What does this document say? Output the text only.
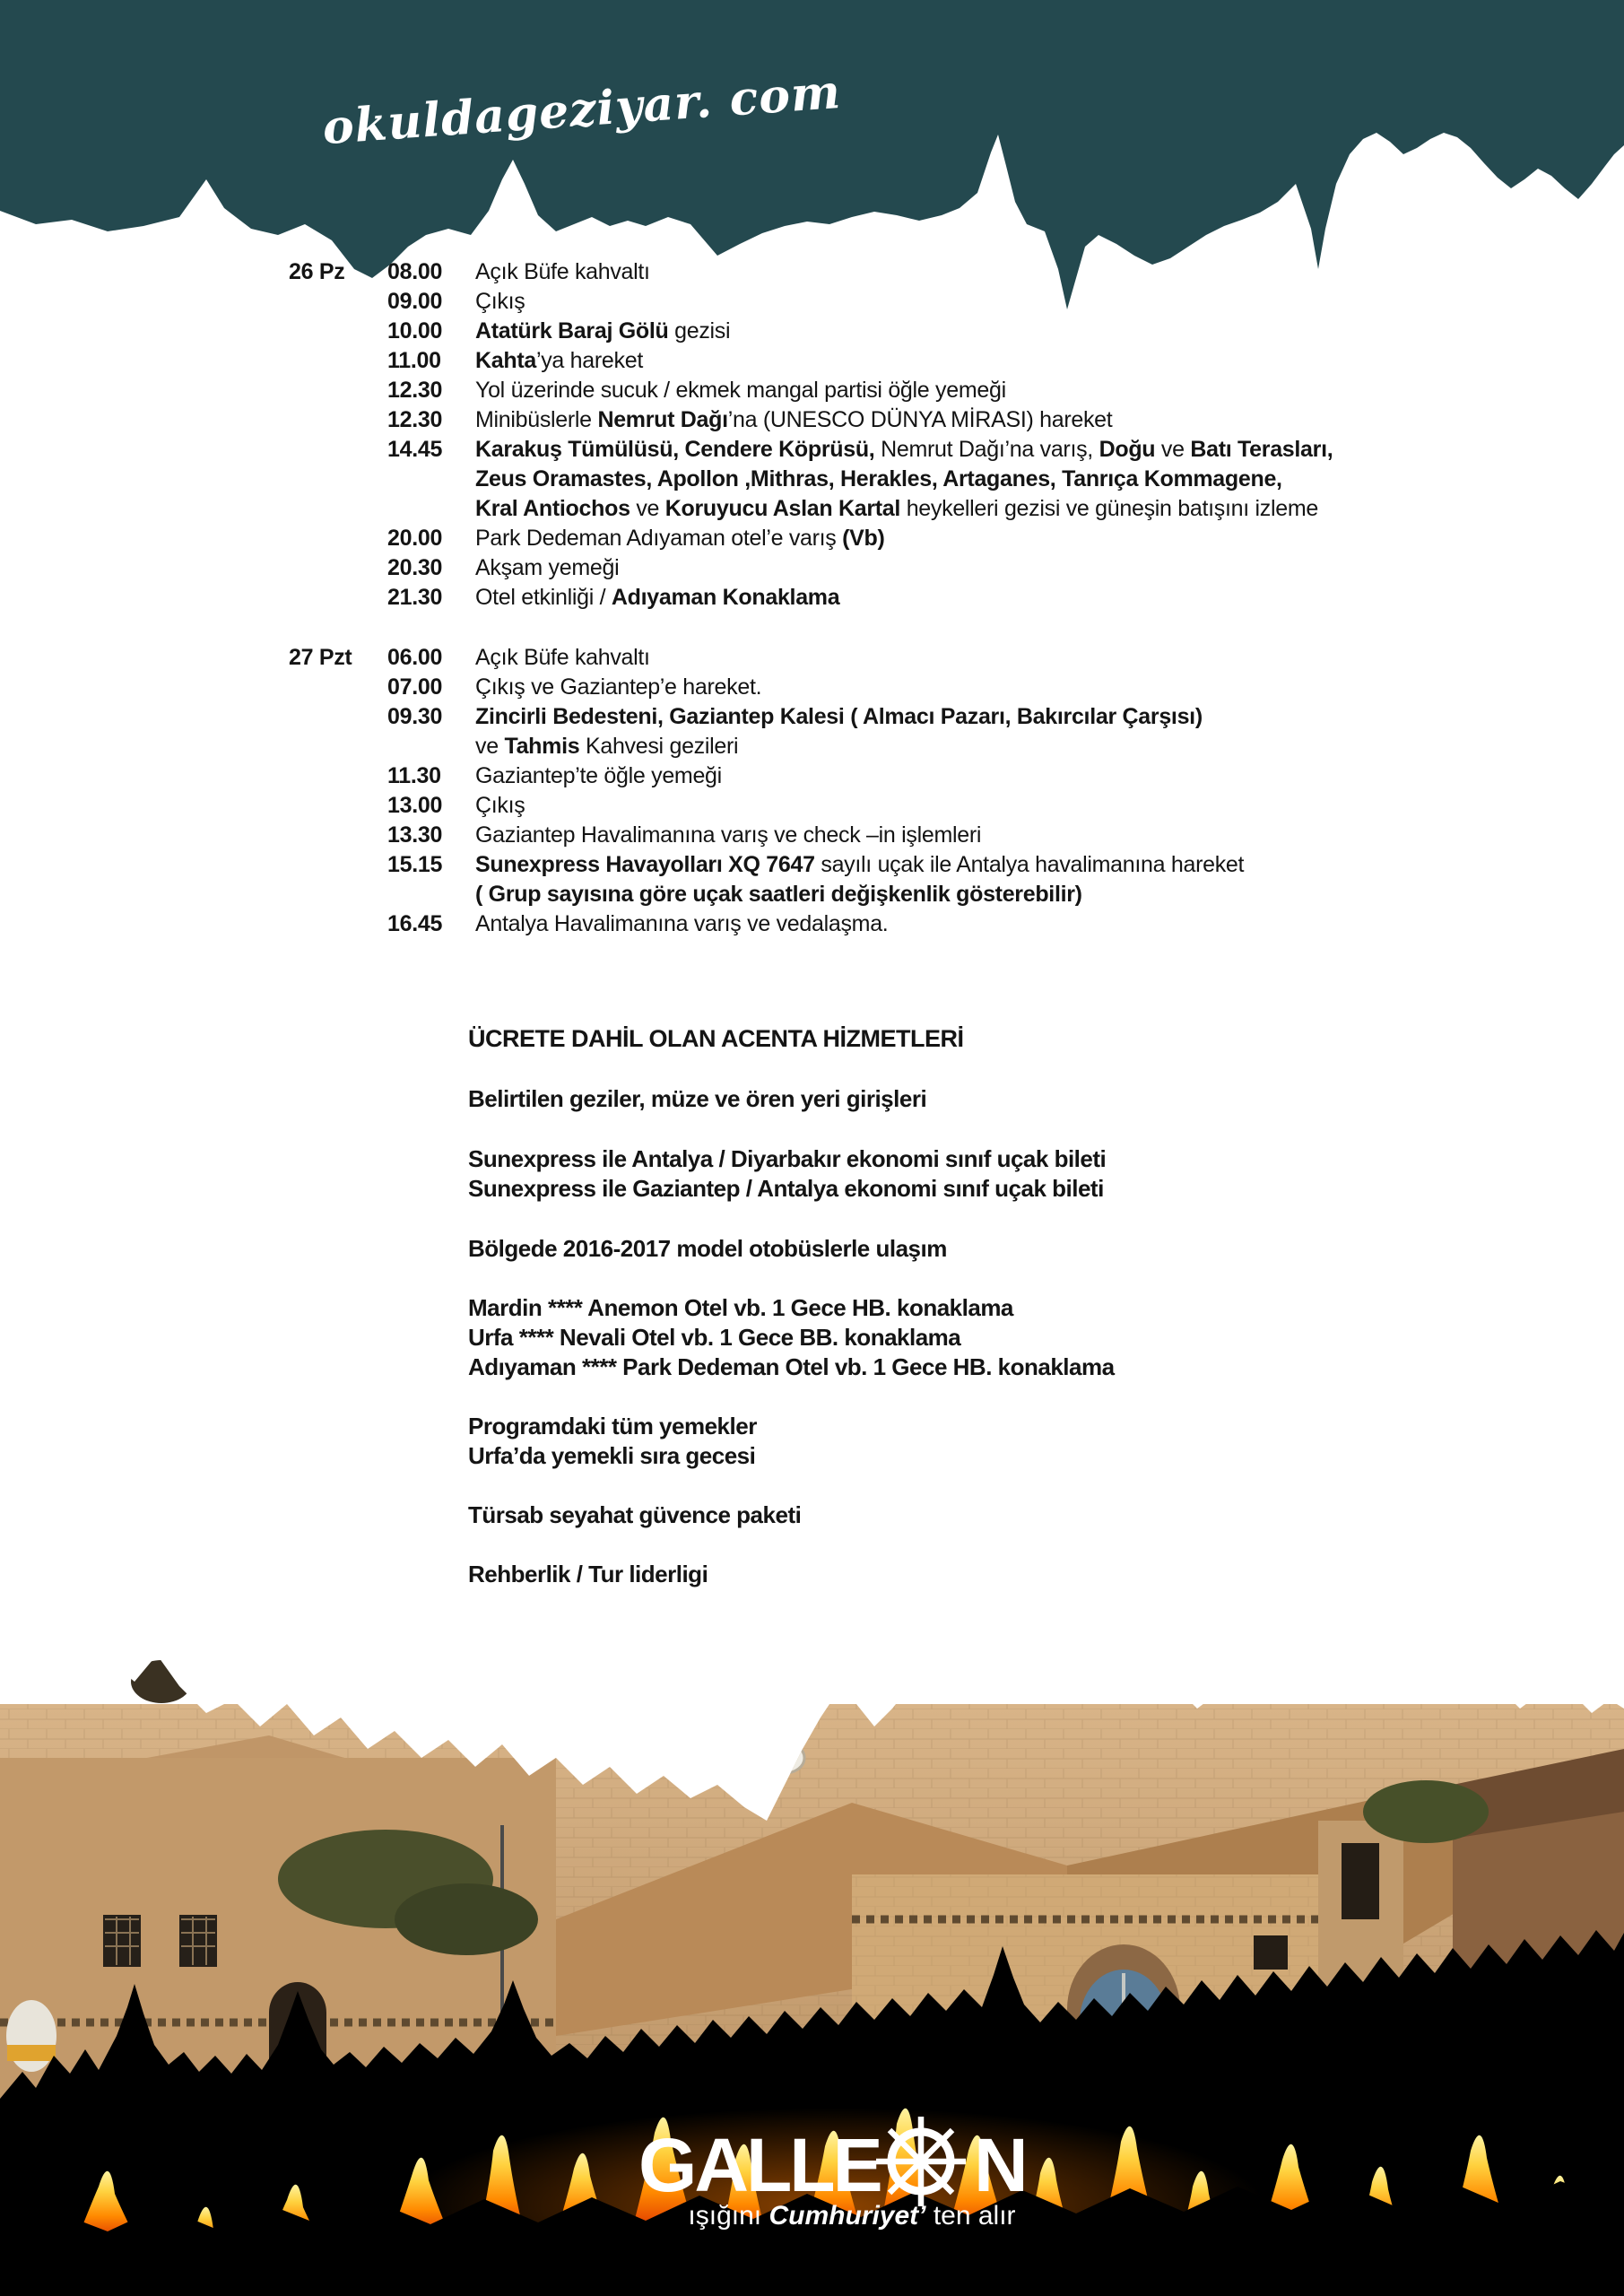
okuldageziyar. com
26 Pz 08.00 Açık Büfe kahvaltı
09.00 Çıkış
10.00 Atatürk Baraj Gölü gezisi
11.00 Kahta’ya hareket
12.30 Yol üzerinde sucuk / ekmek mangal partisi öğle yemeği
12.30 Minibüslerle Nemrut Dağı’na (UNESCO DÜNYA MİRASI) hareket
14.45 Karakuş Tümülüsü, Cendere Köprüsü, Nemrut Dağı’na varış, Doğu ve Batı Terasları,
Zeus Oramastes, Apollon ,Mithras, Herakles, Artaganes, Tanrıça Kommagene,
Kral Antiochos ve Koruyucu Aslan Kartal heykelleri gezisi ve güneşin batışını izleme
20.00 Park Dedeman Adıyaman otel’e varış (Vb)
20.30 Akşam yemeği
21.30 Otel etkinliği / Adıyaman Konaklama
27 Pzt 06.00 Açık Büfe kahvaltı
07.00 Çıkış ve Gaziantep’e hareket.
09.30 Zincirli Bedesteni, Gaziantep Kalesi ( Almacı Pazarı, Bakırcılar Çarşısı)
ve Tahmis Kahvesi gezileri
11.30 Gaziantep’te öğle yemeği
13.00 Çıkış
13.30 Gaziantep Havalimanına varış ve check –in işlemleri
15.15 Sunexpress Havayolları XQ 7647 sayılı uçak ile Antalya havalimanına hareket
( Grup sayısına göre uçak saatleri değişkenlik gösterebilir)
16.45 Antalya Havalimanına varış ve vedalaşma.
ÜCRETE DAHİL OLAN ACENTA HİZMETLERİ
Belirtilen geziler, müze ve ören yeri girişleri
Sunexpress ile Antalya / Diyarbakır ekonomi sınıf uçak bileti
Sunexpress ile Gaziantep / Antalya ekonomi sınıf uçak bileti
Bölgede 2016-2017 model otobüslerle ulaşım
Mardin **** Anemon Otel vb. 1 Gece HB. konaklama
Urfa **** Nevali Otel vb. 1 Gece BB. konaklama
Adıyaman **** Park Dedeman Otel vb. 1 Gece HB. konaklama
Programdaki tüm yemekler
Urfa’da yemekli sıra gecesi
Türsab seyahat güvence paketi
Rehberlik / Tur liderligi
GALLE N
ışığını Cumhuriyet’ ten alır
